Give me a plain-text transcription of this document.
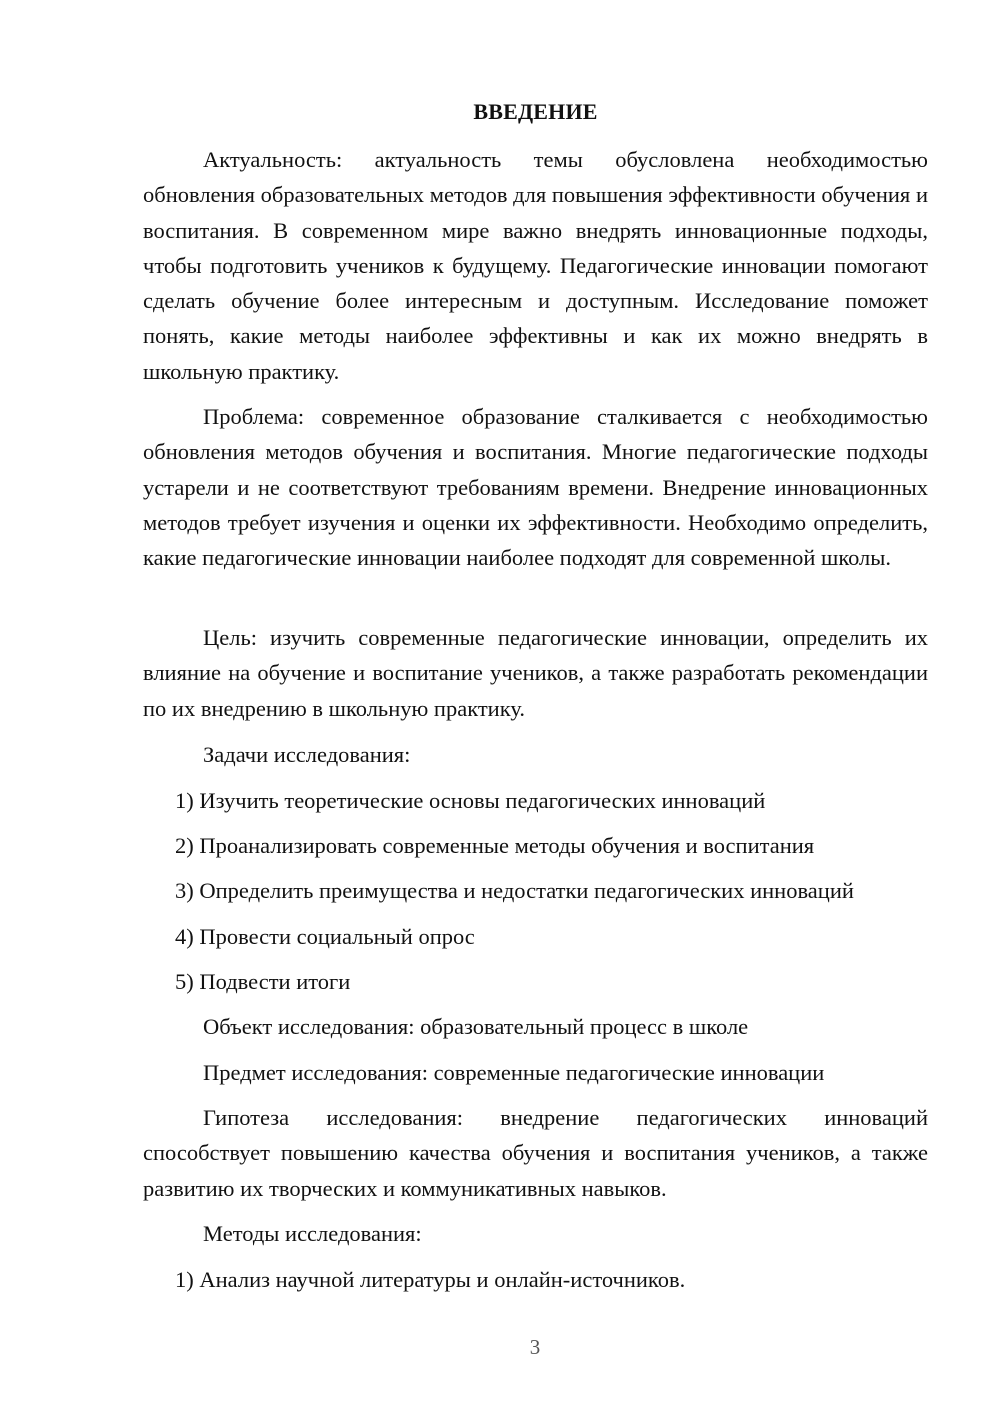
ВВЕДЕНИЕ

Актуальность: актуальность темы обусловлена необходимостью обновления образовательных методов для повышения эффективности обучения и воспитания. В современном мире важно внедрять инновационные подходы, чтобы подготовить учеников к будущему. Педагогические инновации помогают сделать обучение более интересным и доступным. Исследование поможет понять, какие методы наиболее эффективны и как их можно внедрять в школьную практику.

Проблема: современное образование сталкивается с необходимостью обновления методов обучения и воспитания. Многие педагогические подходы устарели и не соответствуют требованиям времени. Внедрение инновационных методов требует изучения и оценки их эффективности. Необходимо определить, какие педагогические инновации наиболее подходят для современной школы.

Цель: изучить современные педагогические инновации, определить их влияние на обучение и воспитание учеников, а также разработать рекомендации по их внедрению в школьную практику.

Задачи исследования:

1) Изучить теоретические основы педагогических инноваций

2) Проанализировать современные методы обучения и воспитания

3) Определить преимущества и недостатки педагогических инноваций

4) Провести социальный опрос

5) Подвести итоги

Объект исследования: образовательный процесс в школе

Предмет исследования: современные педагогические инновации

Гипотеза исследования: внедрение педагогических инноваций способствует повышению качества обучения и воспитания учеников, а также развитию их творческих и коммуникативных навыков.

Методы исследования:

1) Анализ научной литературы и онлайн-источников.

3
